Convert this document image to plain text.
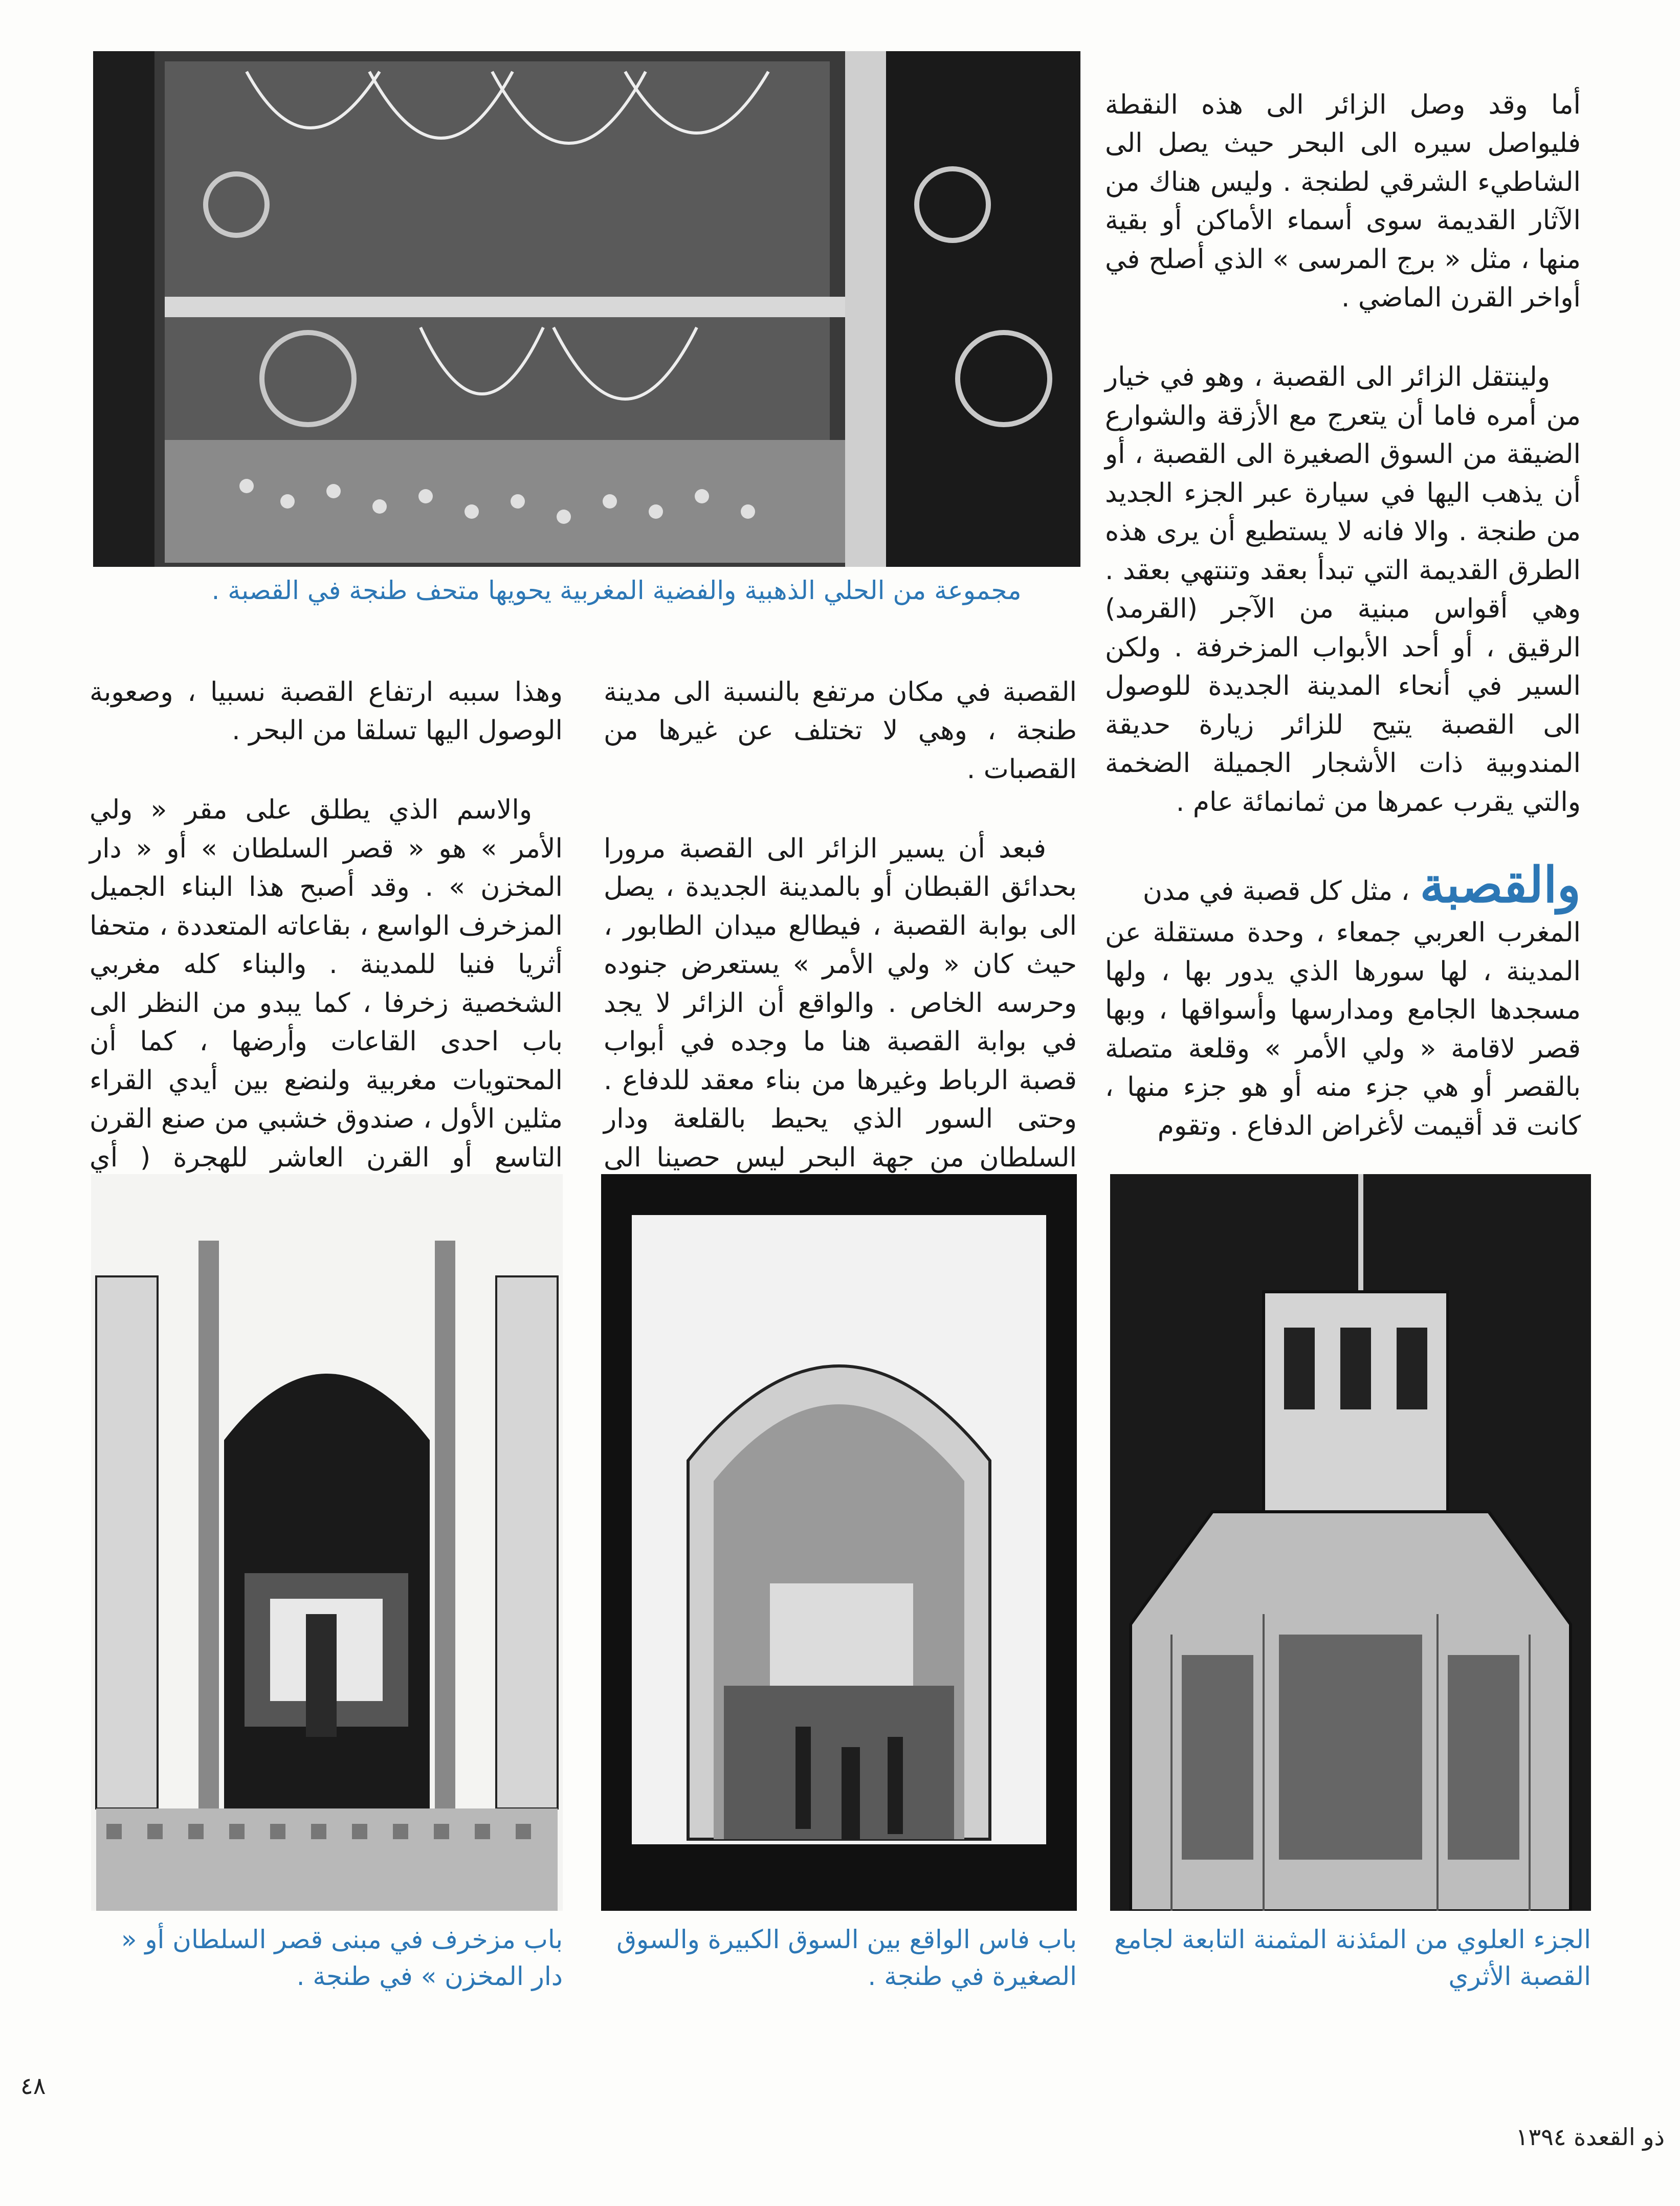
مجموعة من الحلي الذهبية والفضية المغربية يحويها متحف طنجة في القصبة .

أما وقد وصل الزائر الى هذه النقطة فليواصل سيره الى البحر حيث يصل الى الشاطيء الشرقي لطنجة . وليس هناك من الآثار القديمة سوى أسماء الأماكن أو بقية منها ، مثل « برج المرسى » الذي أصلح في أواخر القرن الماضي .

ولينتقل الزائر الى القصبة ، وهو في خيار من أمره فاما أن يتعرج مع الأزقة والشوارع الضيقة من السوق الصغيرة الى القصبة ، أو أن يذهب اليها في سيارة عبر الجزء الجديد من طنجة . والا فانه لا يستطيع أن يرى هذه الطرق القديمة التي تبدأ بعقد وتنتهي بعقد . وهي أقواس مبنية من الآجر (القرمد) الرقيق ، أو أحد الأبواب المزخرفة . ولكن السير في أنحاء المدينة الجديدة للوصول الى القصبة يتيح للزائر زيارة حديقة المندوبية ذات الأشجار الجميلة الضخمة والتي يقرب عمرها من ثمانمائة عام .

والقصبة
، مثل كل قصبة في مدن
المغرب العربي جمعاء ، وحدة مستقلة عن المدينة ، لها سورها الذي يدور بها ، ولها مسجدها الجامع ومدارسها وأسواقها ، وبها قصر لاقامة « ولي الأمر » وقلعة متصلة بالقصر أو هي جزء منه أو هو جزء منها ، كانت قد أقيمت لأغراض الدفاع . وتقوم

القصبة في مكان مرتفع بالنسبة الى مدينة طنجة ، وهي لا تختلف عن غيرها من القصبات .

فبعد أن يسير الزائر الى القصبة مرورا بحدائق القبطان أو بالمدينة الجديدة ، يصل الى بوابة القصبة ، فيطالع ميدان الطابور ، حيث كان « ولي الأمر » يستعرض جنوده وحرسه الخاص . والواقع أن الزائر لا يجد في بوابة القصبة هنا ما وجده في أبواب قصبة الرباط وغيرها من بناء معقد للدفاع . وحتى السور الذي يحيط بالقلعة ودار السلطان من جهة البحر ليس حصينا الى

وهذا سببه ارتفاع القصبة نسبيا ، وصعوبة الوصول اليها تسلقا من البحر .

والاسم الذي يطلق على مقر « ولي الأمر » هو « قصر السلطان » أو « دار المخزن » . وقد أصبح هذا البناء الجميل المزخرف الواسع ، بقاعاته المتعددة ، متحفا أثريا فنيا للمدينة . والبناء كله مغربي الشخصية زخرفا ، كما يبدو من النظر الى باب احدى القاعات وأرضها ، كما أن المحتويات مغربية ولنضع بين أيدي القراء مثلين الأول ، صندوق خشبي من صنع القرن التاسع أو القرن العاشر للهجرة ( أي

الجزء العلوي من المئذنة المثمنة التابعة لجامع القصبة الأثري
باب فاس الواقع بين السوق الكبيرة والسوق الصغيرة في طنجة .
باب مزخرف في مبنى قصر السلطان أو « دار المخزن » في طنجة .
٤٨
ذو القعدة ١٣٩٤
